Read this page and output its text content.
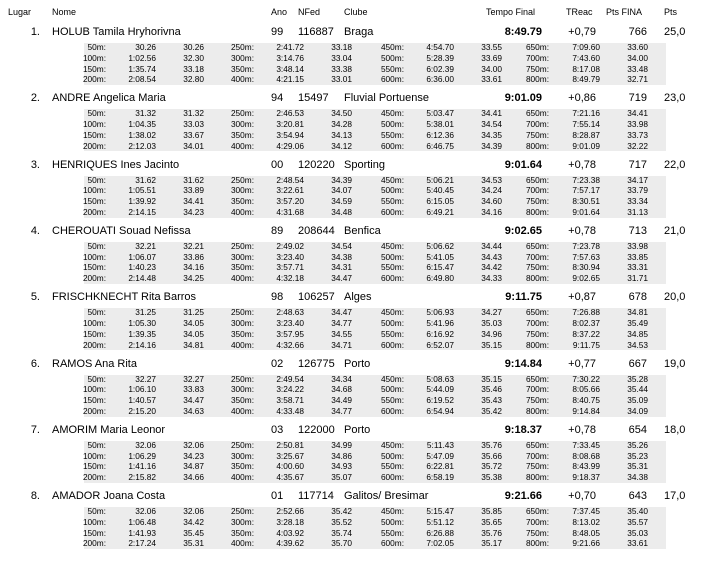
Lugar Nome	Ano NFed	Clube	Tempo Final	TReac Pts FINA Pts
1. HOLUB Tamila Hryhorivna	99	116887 Braga	8:49.79	+0,79	766 25,0
50m:	30.26	30.26	250m:	2:41.72	33.18	450m:	4:54.70	33.55	650m:	7:09.60	33.60
100m:	1:02.56	32.30	300m:	3:14.76	33.04	500m:	5:28.39	33.69	700m:	7:43.60	34.00
150m:	1:35.74	33.18	350m:	3:48.14	33.38	550m:	6:02.39	34.00	750m:	8:17.08	33.48
200m:	2:08.54	32.80	400m:	4:21.15	33.01	600m:	6:36.00	33.61	800m:	8:49.79	32.71
2. ANDRE Angelica Maria	94	15497	Fluvial Portuense	9:01.09	+0,86	719 23,0
50m:	31.32	31.32	250m:	2:46.53	34.50	450m:	5:03.47	34.41	650m:	7:21.16	34.41
100m:	1:04.35	33.03	300m:	3:20.81	34.28	500m:	5:38.01	34.54	700m:	7:55.14	33.98
150m:	1:38.02	33.67	350m:	3:54.94	34.13	550m:	6:12.36	34.35	750m:	8:28.87	33.73
200m:	2:12.03	34.01	400m:	4:29.06	34.12	600m:	6:46.75	34.39	800m:	9:01.09	32.22
3. HENRIQUES Ines Jacinto	00	120220 Sporting	9:01.64	+0,78	717 22,0
50m:	31.62	31.62	250m:	2:48.54	34.39	450m:	5:06.21	34.53	650m:	7:23.38	34.17
100m:	1:05.51	33.89	300m:	3:22.61	34.07	500m:	5:40.45	34.24	700m:	7:57.17	33.79
150m:	1:39.92	34.41	350m:	3:57.20	34.59	550m:	6:15.05	34.60	750m:	8:30.51	33.34
200m:	2:14.15	34.23	400m:	4:31.68	34.48	600m:	6:49.21	34.16	800m:	9:01.64	31.13
4. CHEROUATI Souad Nefissa	89	208644 Benfica	9:02.65	+0,78	713 21,0
50m:	32.21	32.21	250m:	2:49.02	34.54	450m:	5:06.62	34.44	650m:	7:23.78	33.98
100m:	1:06.07	33.86	300m:	3:23.40	34.38	500m:	5:41.05	34.43	700m:	7:57.63	33.85
150m:	1:40.23	34.16	350m:	3:57.71	34.31	550m:	6:15.47	34.42	750m:	8:30.94	33.31
200m:	2:14.48	34.25	400m:	4:32.18	34.47	600m:	6:49.80	34.33	800m:	9:02.65	31.71
5. FRISCHKNECHT Rita Barros	98	106257 Alges	9:11.75	+0,87	678 20,0
50m:	31.25	31.25	250m:	2:48.63	34.47	450m:	5:06.93	34.27	650m:	7:26.88	34.81
100m:	1:05.30	34.05	300m:	3:23.40	34.77	500m:	5:41.96	35.03	700m:	8:02.37	35.49
150m:	1:39.35	34.05	350m:	3:57.95	34.55	550m:	6:16.92	34.96	750m:	8:37.22	34.85
200m:	2:14.16	34.81	400m:	4:32.66	34.71	600m:	6:52.07	35.15	800m:	9:11.75	34.53
6. RAMOS Ana Rita	02	126775 Porto	9:14.84	+0,77	667 19,0
50m:	32.27	32.27	250m:	2:49.54	34.34	450m:	5:08.63	35.15	650m:	7:30.22	35.28
100m:	1:06.10	33.83	300m:	3:24.22	34.68	500m:	5:44.09	35.46	700m:	8:05.66	35.44
150m:	1:40.57	34.47	350m:	3:58.71	34.49	550m:	6:19.52	35.43	750m:	8:40.75	35.09
200m:	2:15.20	34.63	400m:	4:33.48	34.77	600m:	6:54.94	35.42	800m:	9:14.84	34.09
7. AMORIM Maria Leonor	03	122000 Porto	9:18.37	+0,78	654 18,0
50m:	32.06	32.06	250m:	2:50.81	34.99	450m:	5:11.43	35.76	650m:	7:33.45	35.26
100m:	1:06.29	34.23	300m:	3:25.67	34.86	500m:	5:47.09	35.66	700m:	8:08.68	35.23
150m:	1:41.16	34.87	350m:	4:00.60	34.93	550m:	6:22.81	35.72	750m:	8:43.99	35.31
200m:	2:15.82	34.66	400m:	4:35.67	35.07	600m:	6:58.19	35.38	800m:	9:18.37	34.38
8. AMADOR Joana Costa	01	117714 Galitos/ Bresimar	9:21.66	+0,70	643 17,0
50m:	32.06	32.06	250m:	2:52.66	35.42	450m:	5:15.47	35.85	650m:	7:37.45	35.40
100m:	1:06.48	34.42	300m:	3:28.18	35.52	500m:	5:51.12	35.65	700m:	8:13.02	35.57
150m:	1:41.93	35.45	350m:	4:03.92	35.74	550m:	6:26.88	35.76	750m:	8:48.05	35.03
200m:	2:17.24	35.31	400m:	4:39.62	35.70	600m:	7:02.05	35.17	800m:	9:21.66	33.61
